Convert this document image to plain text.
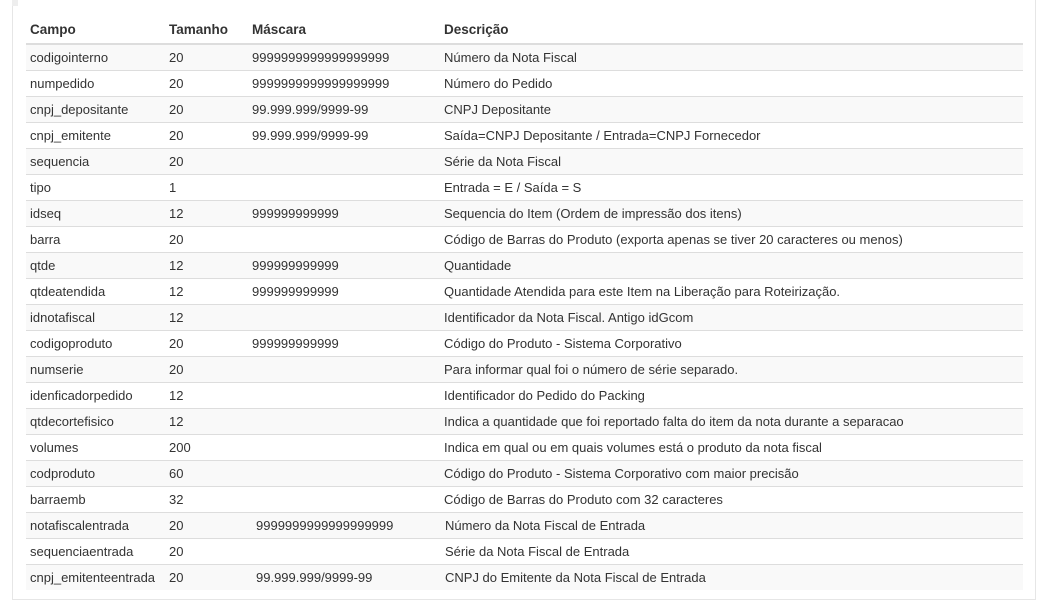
Campo	Tamanho	Máscara	Descrição
codigointerno	20	9999999999999999999	Número da Nota Fiscal
numpedido	20	9999999999999999999	Número do Pedido
cnpj_depositante	20	99.999.999/9999-99	CNPJ Depositante
cnpj_emitente	20	99.999.999/9999-99	Saída=CNPJ Depositante / Entrada=CNPJ Fornecedor
sequencia	20		Série da Nota Fiscal
tipo	1		Entrada = E / Saída = S
idseq	12	999999999999	Sequencia do Item (Ordem de impressão dos itens)
barra	20		Código de Barras do Produto (exporta apenas se tiver 20 caracteres ou menos)
qtde	12	999999999999	Quantidade
qtdeatendida	12	999999999999	Quantidade Atendida para este Item na Liberação para Roteirização.
idnotafiscal	12		Identificador da Nota Fiscal. Antigo idGcom
codigoproduto	20	999999999999	Código do Produto - Sistema Corporativo
numserie	20		Para informar qual foi o número de série separado.
idenficadorpedido	12		Identificador do Pedido do Packing
qtdecortefisico	12		Indica a quantidade que foi reportado falta do item da nota durante a separacao
volumes	200		Indica em qual ou em quais volumes está o produto da nota fiscal
codproduto	60		Código do Produto - Sistema Corporativo com maior precisão
barraemb	32		Código de Barras do Produto com 32 caracteres
notafiscalentrada	20	9999999999999999999	Número da Nota Fiscal de Entrada
sequenciaentrada	20		Série da Nota Fiscal de Entrada
cnpj_emitenteentrada	20	99.999.999/9999-99	CNPJ do Emitente da Nota Fiscal de Entrada
